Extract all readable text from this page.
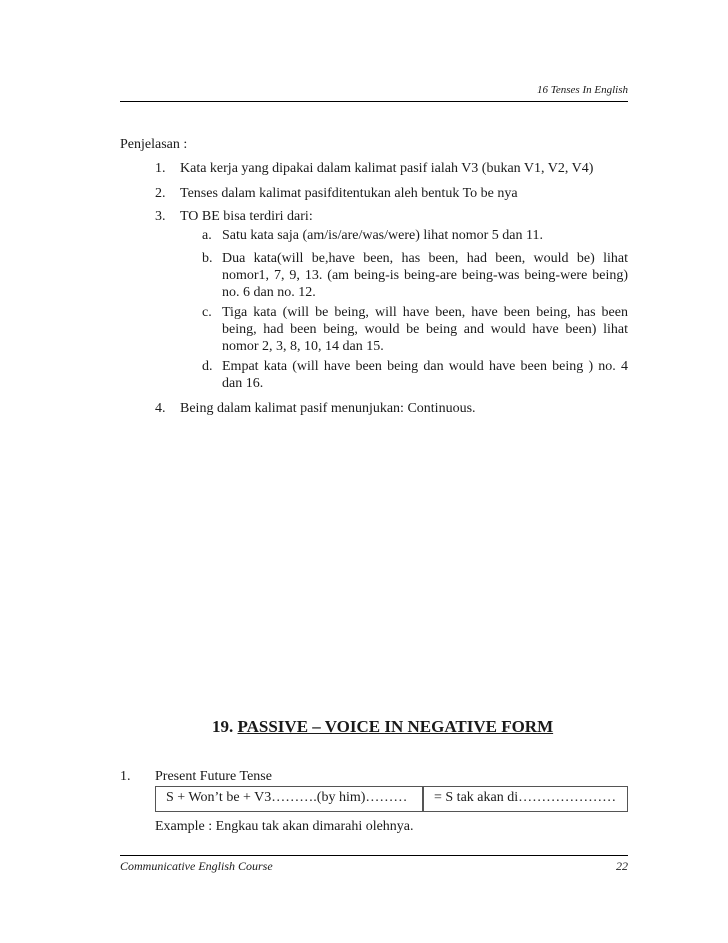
16 Tenses In English
Penjelasan :
1. Kata kerja yang dipakai dalam kalimat pasif ialah V3 (bukan V1, V2, V4)
2. Tenses dalam kalimat pasifditentukan aleh bentuk To be nya
3. TO BE bisa terdiri dari:
a. Satu kata saja (am/is/are/was/were) lihat nomor 5 dan 11.
b. Dua kata(will be,have been, has been, had been, would be) lihat nomor1, 7, 9, 13. (am being-is being-are being-was being-were being) no. 6 dan no. 12.
c. Tiga kata (will be being, will have been, have been being, has been being, had been being, would be being and would have been) lihat nomor 2, 3, 8, 10, 14 dan 15.
d. Empat kata (will have been being dan would have been being ) no. 4 dan 16.
4. Being dalam kalimat pasif menunjukan: Continuous.
19. PASSIVE – VOICE IN NEGATIVE FORM
1. Present Future Tense
S + Won’t be + V3……….(by him)………	= S tak akan di…………………
Example : Engkau tak akan dimarahi olehnya.
Communicative English Course	22
